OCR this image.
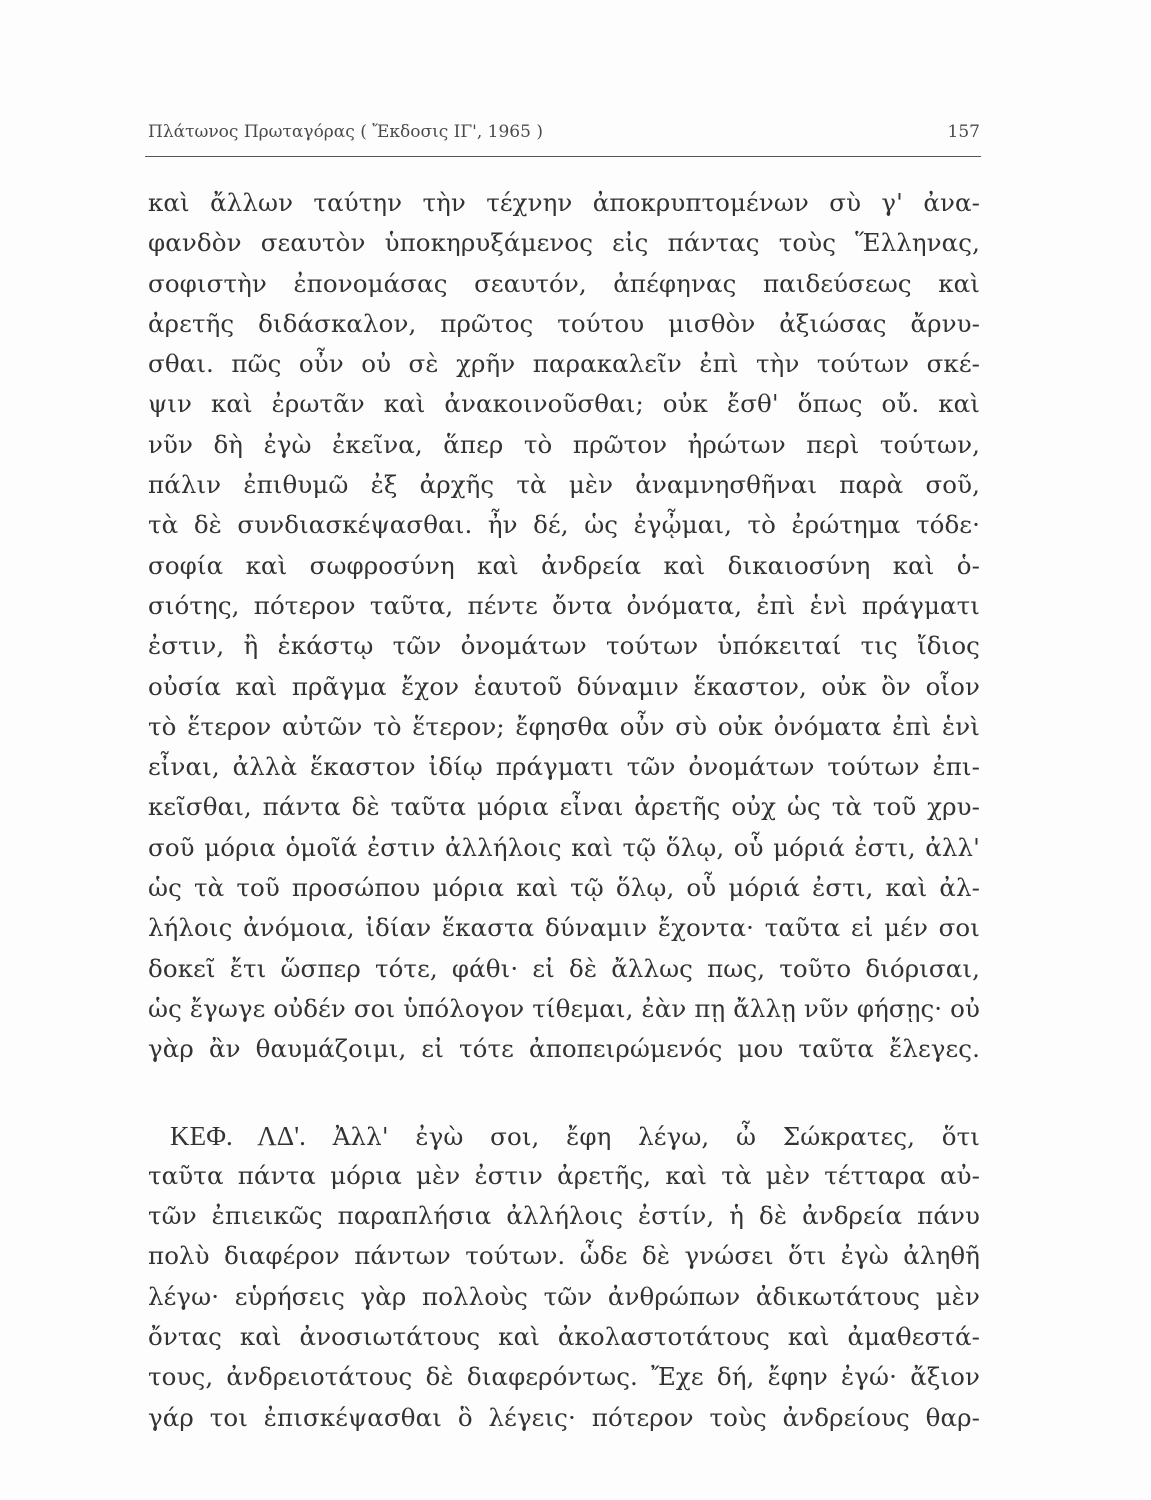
Πλάτωνος Πρωταγόρας ( Ἔκδοσις ΙΓ', 1965 )	157
καὶ ἄλλων ταύτην τὴν τέχνην ἀποκρυπτομένων σὺ γ' ἀνα-
φανδὸν σεαυτὸν ὑποκηρυξάμενος εἰς πάντας τοὺς Ἕλληνας,
σοφιστὴν ἐπονομάσας σεαυτόν, ἀπέφηνας παιδεύσεως καὶ
ἀρετῆς διδάσκαλον, πρῶτος τούτου μισθὸν ἀξιώσας ἄρνυ-
σθαι. πῶς οὖν οὐ σὲ χρῆν παρακαλεῖν ἐπὶ τὴν τούτων σκέ-
ψιν καὶ ἐρωτᾶν καὶ ἀνακοινοῦσθαι; οὐκ ἔσθ' ὅπως οὔ. καὶ
νῦν δὴ ἐγὼ ἐκεῖνα, ἅπερ τὸ πρῶτον ἠρώτων περὶ τούτων,
πάλιν ἐπιθυμῶ ἐξ ἀρχῆς τὰ μὲν ἀναμνησθῆναι παρὰ σοῦ,
τὰ δὲ συνδιασκέψασθαι. ἦν δέ, ὡς ἐγᾦμαι, τὸ ἐρώτημα τόδε·
σοφία καὶ σωφροσύνη καὶ ἀνδρεία καὶ δικαιοσύνη καὶ ὁ-
σιότης, πότερον ταῦτα, πέντε ὄντα ὀνόματα, ἐπὶ ἑνὶ πράγματι
ἐστιν, ἢ ἑκάστῳ τῶν ὀνομάτων τούτων ὑπόκειταί τις ἴδιος
οὐσία καὶ πρᾶγμα ἔχον ἑαυτοῦ δύναμιν ἕκαστον, οὐκ ὂν οἷον
τὸ ἕτερον αὐτῶν τὸ ἕτερον; ἔφησθα οὖν σὺ οὐκ ὀνόματα ἐπὶ ἑνὶ
εἶναι, ἀλλὰ ἕκαστον ἰδίῳ πράγματι τῶν ὀνομάτων τούτων ἐπι-
κεῖσθαι, πάντα δὲ ταῦτα μόρια εἶναι ἀρετῆς οὐχ ὡς τὰ τοῦ χρυ-
σοῦ μόρια ὁμοῖά ἐστιν ἀλλήλοις καὶ τῷ ὅλῳ, οὗ μόριά ἐστι, ἀλλ'
ὡς τὰ τοῦ προσώπου μόρια καὶ τῷ ὅλῳ, οὗ μόριά ἐστι, καὶ ἀλ-
λήλοις ἀνόμοια, ἰδίαν ἕκαστα δύναμιν ἔχοντα· ταῦτα εἰ μέν σοι
δοκεῖ ἔτι ὥσπερ τότε, φάθι· εἰ δὲ ἄλλως πως, τοῦτο διόρισαι,
ὡς ἔγωγε οὐδέν σοι ὑπόλογον τίθεμαι, ἐὰν πῃ ἄλλῃ νῦν φήσῃς· οὐ
γὰρ ἂν θαυμάζοιμι, εἰ τότε ἀποπειρώμενός μου ταῦτα ἔλεγες.
ΚΕΦ. ΛΔ'. Ἀλλ' ἐγὼ σοι, ἔφη λέγω, ὦ Σώκρατες, ὅτι
ταῦτα πάντα μόρια μὲν ἐστιν ἀρετῆς, καὶ τὰ μὲν τέτταρα αὐ-
τῶν ἐπιεικῶς παραπλήσια ἀλλήλοις ἐστίν, ἡ δὲ ἀνδρεία πάνυ
πολὺ διαφέρον πάντων τούτων. ὧδε δὲ γνώσει ὅτι ἐγὼ ἀληθῆ
λέγω· εὑρήσεις γὰρ πολλοὺς τῶν ἀνθρώπων ἀδικωτάτους μὲν
ὄντας καὶ ἀνοσιωτάτους καὶ ἀκολαστοτάτους καὶ ἀμαθεστά-
τους, ἀνδρειοτάτους δὲ διαφερόντως. Ἔχε δή, ἔφην ἐγώ· ἄξιον
γάρ τοι ἐπισκέψασθαι ὃ λέγεις· πότερον τοὺς ἀνδρείους θαρ-
